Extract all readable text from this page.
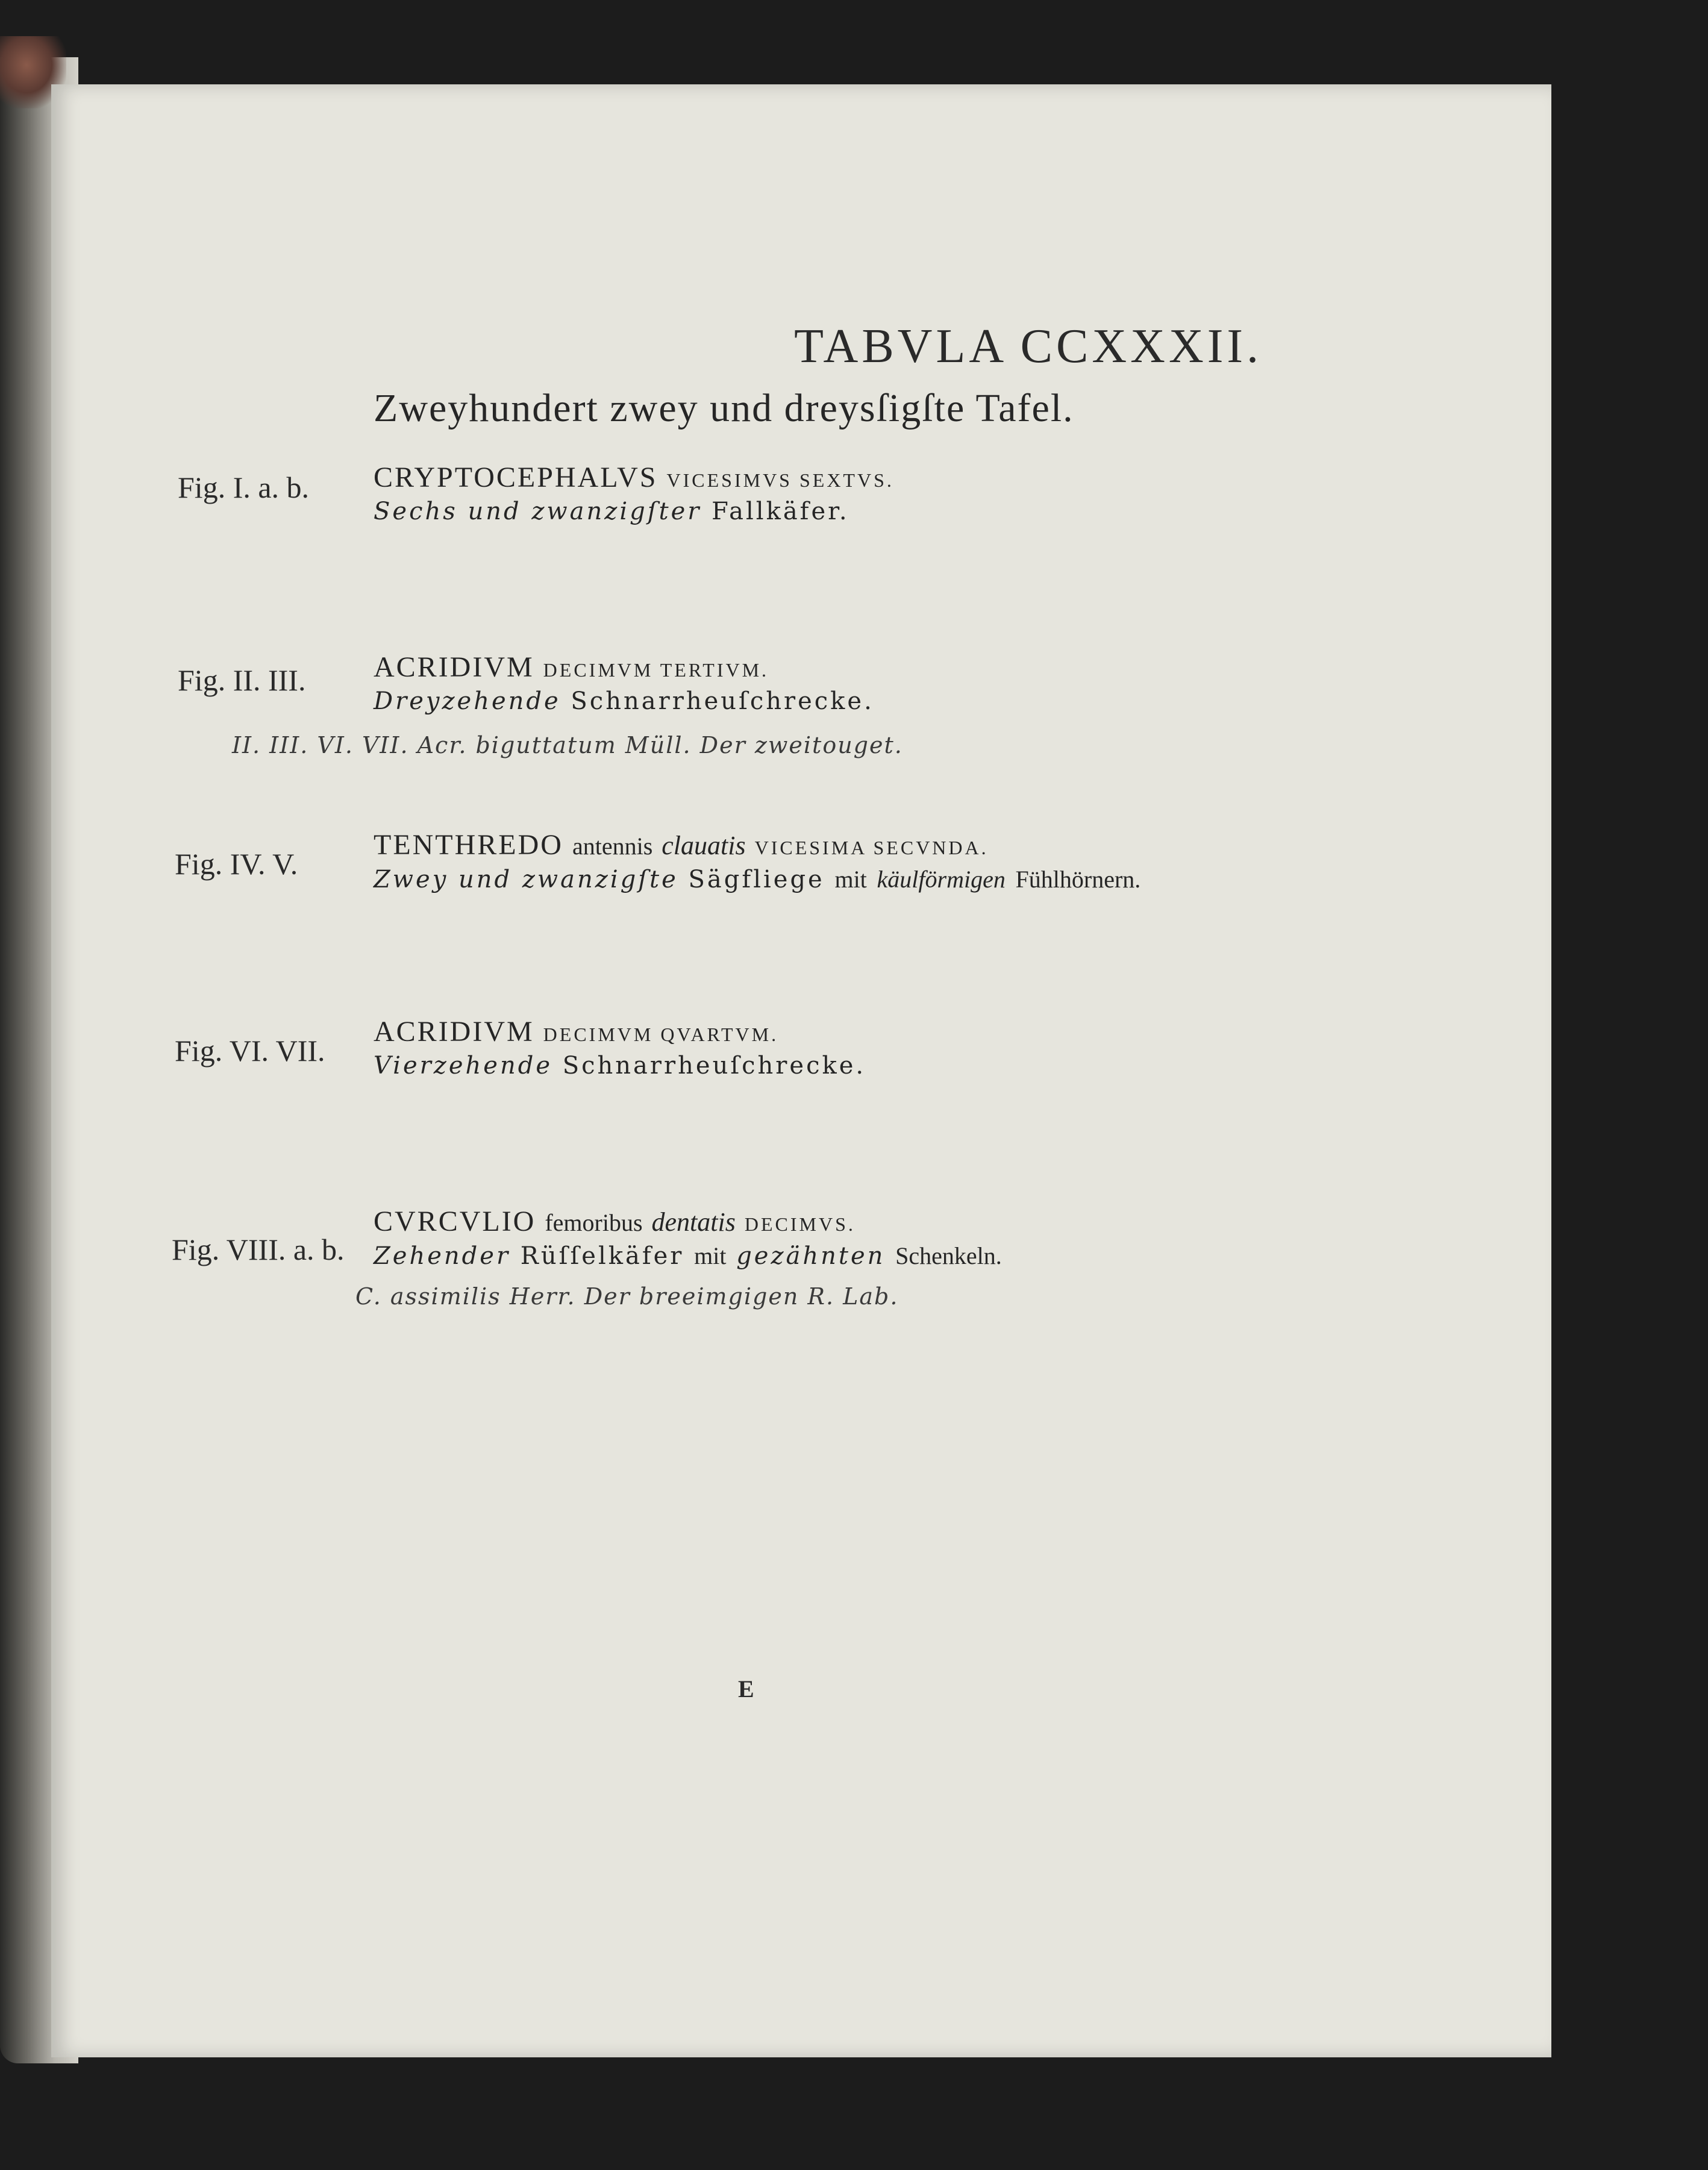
TABVLA CCXXXII.
Zweyhundert zwey und dreysſigſte Tafel.
Fig. I. a. b. CRYPTOCEPHALVS VICESIMVS SEXTVS.
Sechs und zwanzigſter Fallkäfer.
Fig. II. III. ACRIDIVM DECIMVM TERTIVM.
Dreyzehende Schnarrheuſchrecke.
II. III. VI. VII. Acr. biguttatum Müll. Der zweitouget.
Fig. IV. V.
TENTHREDO antennis clauatis VICESIMA SECVNDA.
Zwey und zwanzigſte Sägfliege mit käulförmigen Fühlhörnern.
Fig. VI. VII.
ACRIDIVM DECIMVM QVARTVM.
Vierzehende Schnarrheuſchrecke.
Fig. VIII. a. b.
CVRCVLIO femoribus dentatis DECIMVS.
Zehender Rüſſelkäfer mit gezähnten Schenkeln.
C. assimilis Herr. Der breeimgigen R. Lab.
E
